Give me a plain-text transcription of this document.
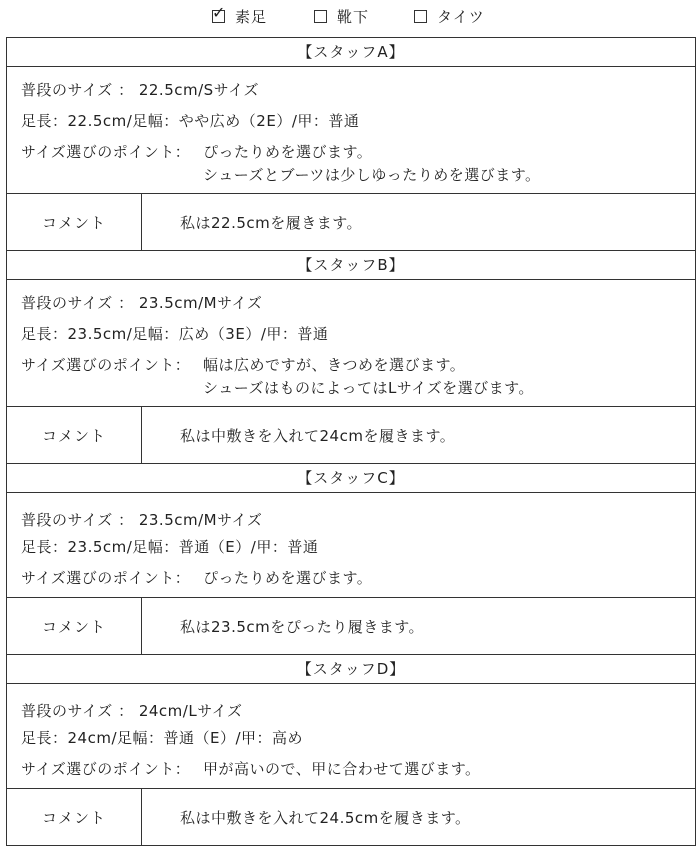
✓ 素足	靴下	タイツ
【スタッフA】
普段のサイズ ： 22.5cm/Sサイズ
足長：22.5cm/足幅：やや広め（2E）/甲：普通
サイズ選びのポイント： ぴったりめを選びます。
シューズとブーツは少しゆったりめを選びます。
コメント	私は22.5cmを履きます。
【スタッフB】
普段のサイズ ： 23.5cm/Mサイズ
足長：23.5cm/足幅：広め（3E）/甲：普通
サイズ選びのポイント： 幅は広めですが、きつめを選びます。
シューズはものによってはLサイズを選びます。
コメント	私は中敷きを入れて24cmを履きます。
【スタッフC】
普段のサイズ ： 23.5cm/Mサイズ
足長：23.5cm/足幅：普通（E）/甲：普通
サイズ選びのポイント： ぴったりめを選びます。
コメント	私は23.5cmをぴったり履きます。
【スタッフD】
普段のサイズ ： 24cm/Lサイズ
足長：24cm/足幅：普通（E）/甲：高め
サイズ選びのポイント： 甲が高いので、甲に合わせて選びます。
コメント	私は中敷きを入れて24.5cmを履きます。
